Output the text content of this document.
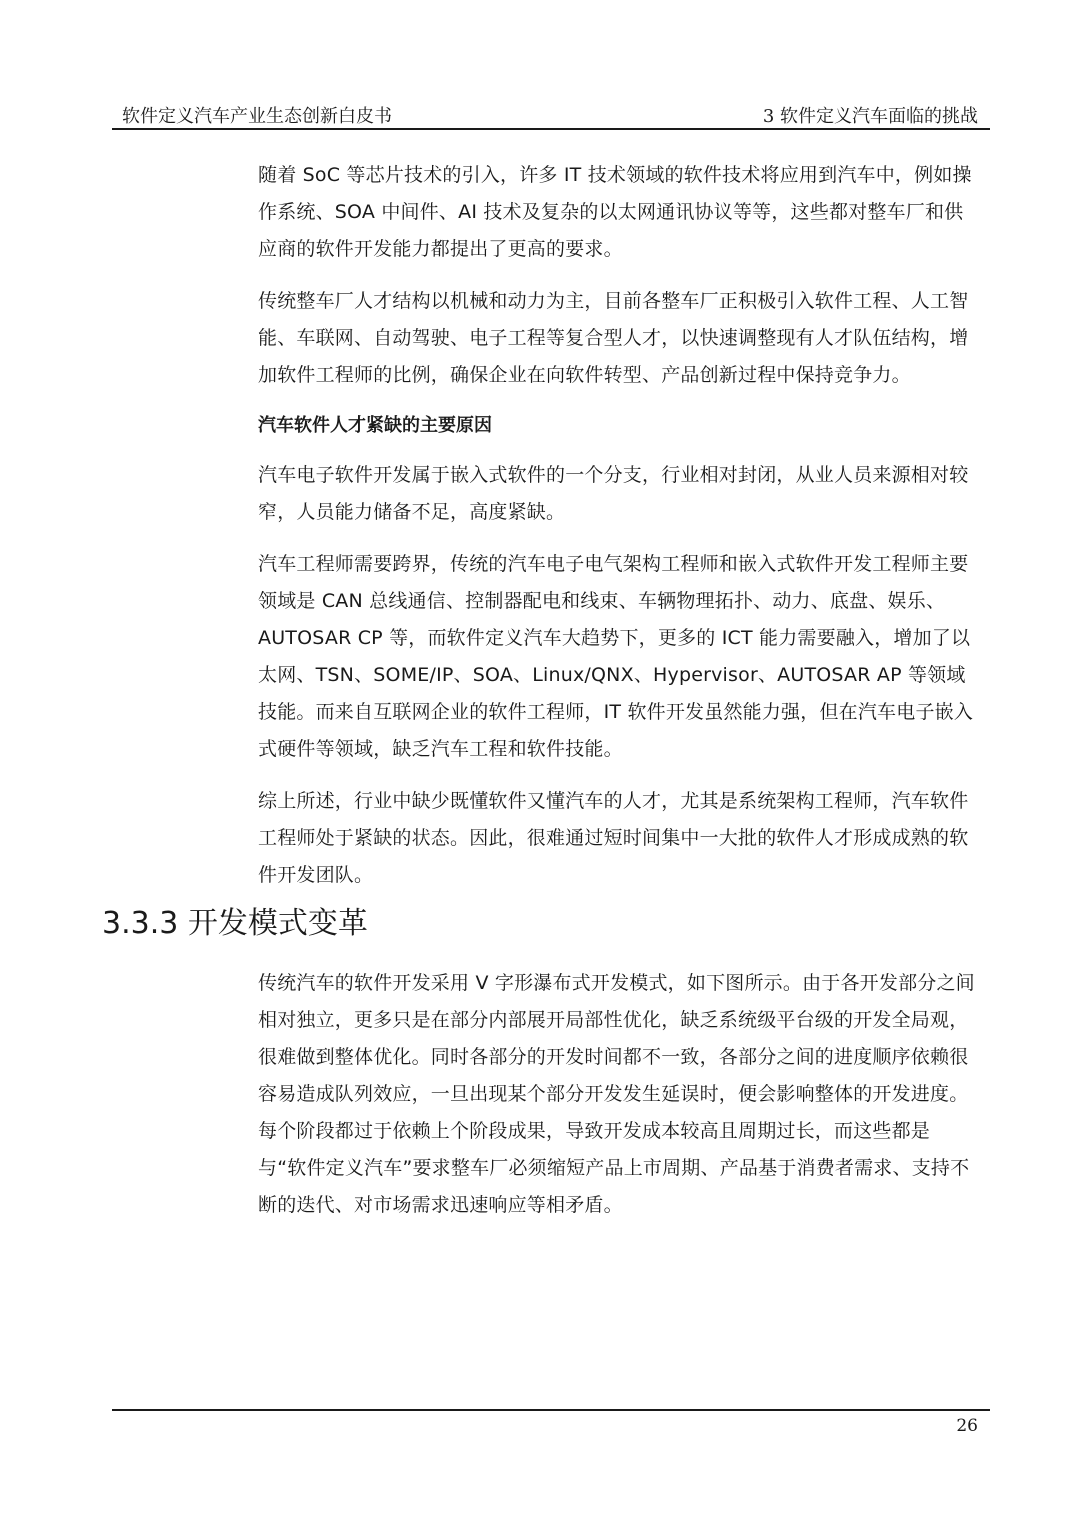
软件定义汽车产业生态创新白皮书	3 软件定义汽车面临的挑战

随着 SoC 等芯片技术的引入，许多 IT 技术领域的软件技术将应用到汽车中，例如操作系统、SOA 中间件、AI 技术及复杂的以太网通讯协议等等，这些都对整车厂和供应商的软件开发能力都提出了更高的要求。

传统整车厂人才结构以机械和动力为主，目前各整车厂正积极引入软件工程、人工智能、车联网、自动驾驶、电子工程等复合型人才，以快速调整现有人才队伍结构，增加软件工程师的比例，确保企业在向软件转型、产品创新过程中保持竞争力。

汽车软件人才紧缺的主要原因

汽车电子软件开发属于嵌入式软件的一个分支，行业相对封闭，从业人员来源相对较窄，人员能力储备不足，高度紧缺。

汽车工程师需要跨界，传统的汽车电子电气架构工程师和嵌入式软件开发工程师主要领域是 CAN 总线通信、控制器配电和线束、车辆物理拓扑、动力、底盘、娱乐、AUTOSAR CP 等，而软件定义汽车大趋势下，更多的 ICT 能力需要融入，增加了以太网、TSN、SOME/IP、SOA、Linux/QNX、Hypervisor、AUTOSAR AP 等领域技能。而来自互联网企业的软件工程师，IT 软件开发虽然能力强，但在汽车电子嵌入式硬件等领域，缺乏汽车工程和软件技能。

综上所述，行业中缺少既懂软件又懂汽车的人才，尤其是系统架构工程师，汽车软件工程师处于紧缺的状态。因此，很难通过短时间集中一大批的软件人才形成成熟的软件开发团队。

3.3.3 开发模式变革

传统汽车的软件开发采用 V 字形瀑布式开发模式，如下图所示。由于各开发部分之间相对独立，更多只是在部分内部展开局部性优化，缺乏系统级平台级的开发全局观，很难做到整体优化。同时各部分的开发时间都不一致，各部分之间的进度顺序依赖很容易造成队列效应，一旦出现某个部分开发发生延误时，便会影响整体的开发进度。每个阶段都过于依赖上个阶段成果，导致开发成本较高且周期过长，而这些都是与“软件定义汽车”要求整车厂必须缩短产品上市周期、产品基于消费者需求、支持不断的迭代、对市场需求迅速响应等相矛盾。

26
